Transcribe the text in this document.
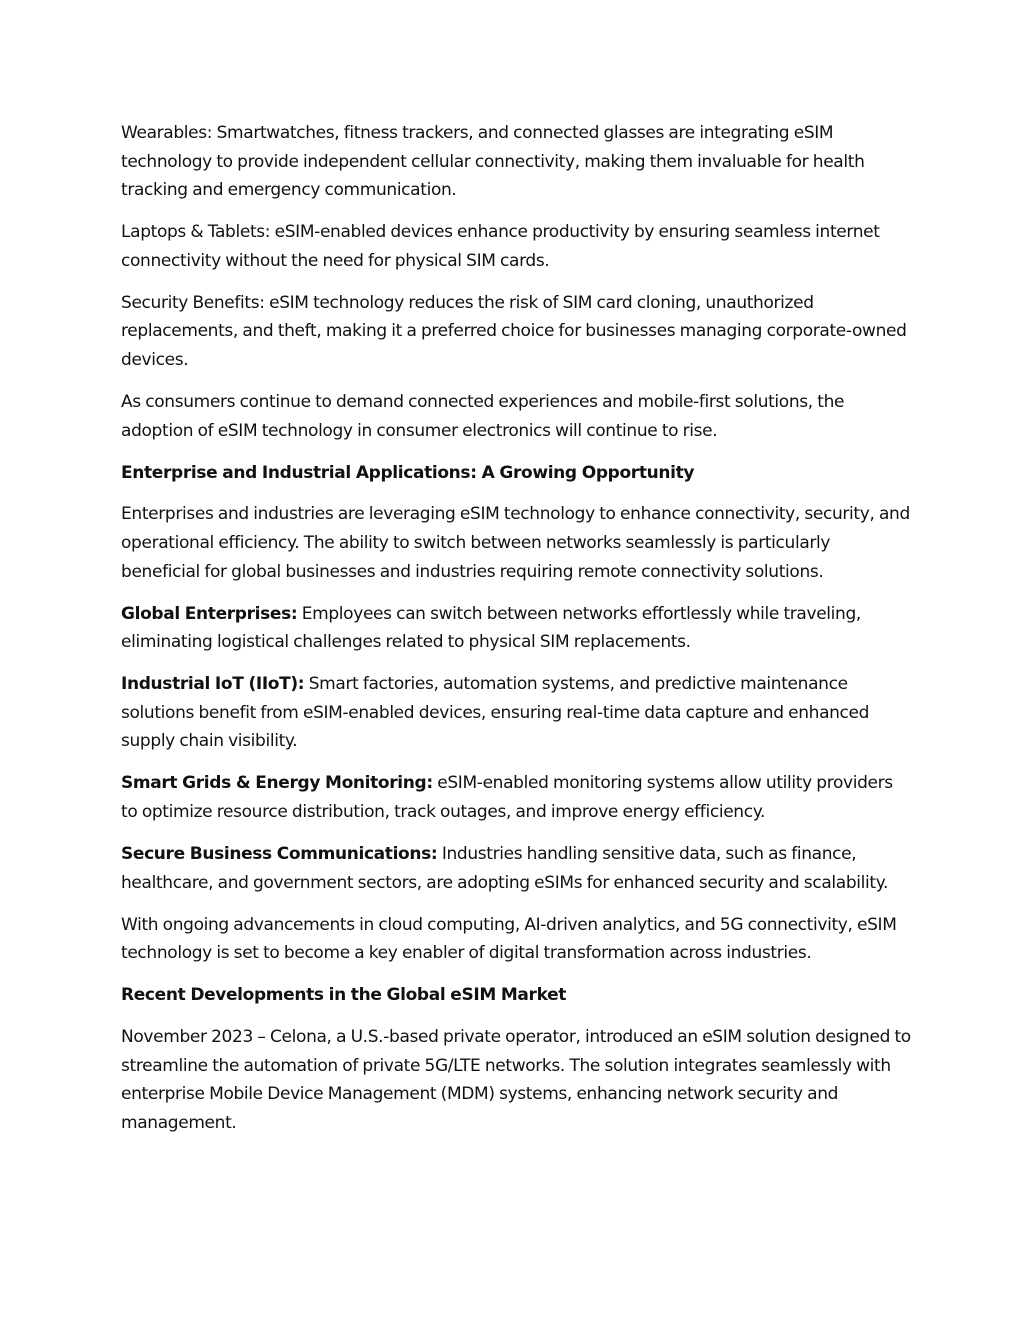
Wearables: Smartwatches, fitness trackers, and connected glasses are integrating eSIM technology to provide independent cellular connectivity, making them invaluable for health tracking and emergency communication.

Laptops & Tablets: eSIM-enabled devices enhance productivity by ensuring seamless internet connectivity without the need for physical SIM cards.

Security Benefits: eSIM technology reduces the risk of SIM card cloning, unauthorized replacements, and theft, making it a preferred choice for businesses managing corporate-owned devices.

As consumers continue to demand connected experiences and mobile-first solutions, the adoption of eSIM technology in consumer electronics will continue to rise.

Enterprise and Industrial Applications: A Growing Opportunity

Enterprises and industries are leveraging eSIM technology to enhance connectivity, security, and operational efficiency. The ability to switch between networks seamlessly is particularly beneficial for global businesses and industries requiring remote connectivity solutions.

Global Enterprises: Employees can switch between networks effortlessly while traveling, eliminating logistical challenges related to physical SIM replacements.

Industrial IoT (IIoT): Smart factories, automation systems, and predictive maintenance solutions benefit from eSIM-enabled devices, ensuring real-time data capture and enhanced supply chain visibility.

Smart Grids & Energy Monitoring: eSIM-enabled monitoring systems allow utility providers to optimize resource distribution, track outages, and improve energy efficiency.

Secure Business Communications: Industries handling sensitive data, such as finance, healthcare, and government sectors, are adopting eSIMs for enhanced security and scalability.

With ongoing advancements in cloud computing, AI-driven analytics, and 5G connectivity, eSIM technology is set to become a key enabler of digital transformation across industries.

Recent Developments in the Global eSIM Market

November 2023 – Celona, a U.S.-based private operator, introduced an eSIM solution designed to streamline the automation of private 5G/LTE networks. The solution integrates seamlessly with enterprise Mobile Device Management (MDM) systems, enhancing network security and management.
